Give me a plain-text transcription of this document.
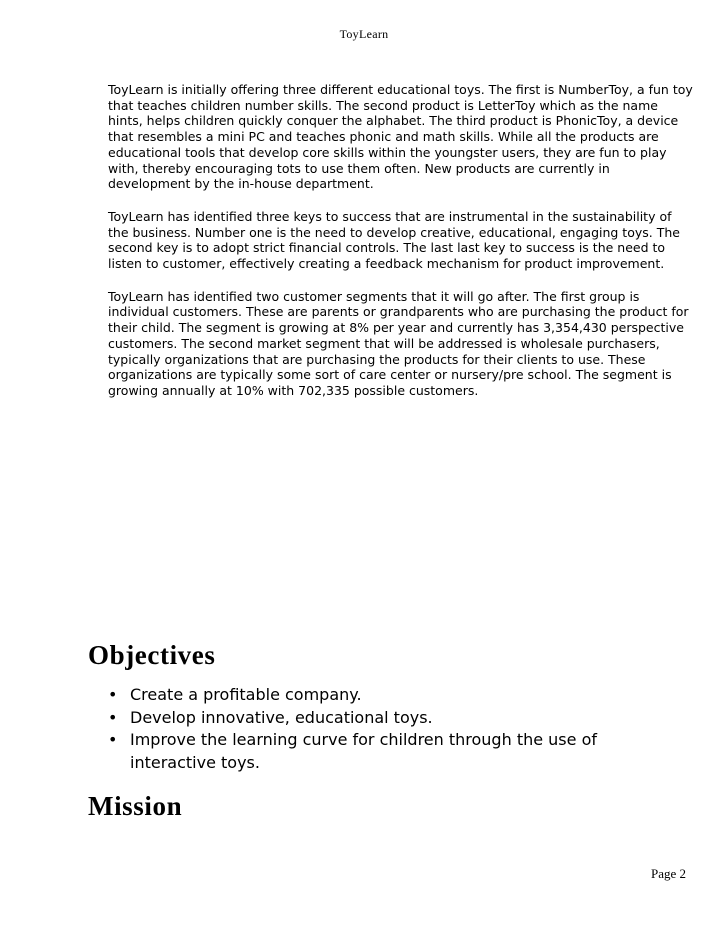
ToyLearn

ToyLearn is initially offering three different educational toys. The first is NumberToy, a fun toy that teaches children number skills. The second product is LetterToy which as the name hints, helps children quickly conquer the alphabet. The third product is PhonicToy, a device that resembles a mini PC and teaches phonic and math skills. While all the products are educational tools that develop core skills within the youngster users, they are fun to play with, thereby encouraging tots to use them often. New products are currently in development by the in-house department.

ToyLearn has identified three keys to success that are instrumental in the sustainability of the business. Number one is the need to develop creative, educational, engaging toys. The second key is to adopt strict financial controls. The last last key to success is the need to listen to customer, effectively creating a feedback mechanism for product improvement.

ToyLearn has identified two customer segments that it will go after. The first group is individual customers. These are parents or grandparents who are purchasing the product for their child. The segment is growing at 8% per year and currently has 3,354,430 perspective customers. The second market segment that will be addressed is wholesale purchasers, typically organizations that are purchasing the products for their clients to use. These organizations are typically some sort of care center or nursery/pre school. The segment is growing annually at 10% with 702,335 possible customers.

Objectives
• Create a profitable company.
• Develop innovative, educational toys.
• Improve the learning curve for children through the use of interactive toys.
Mission
Page 2
